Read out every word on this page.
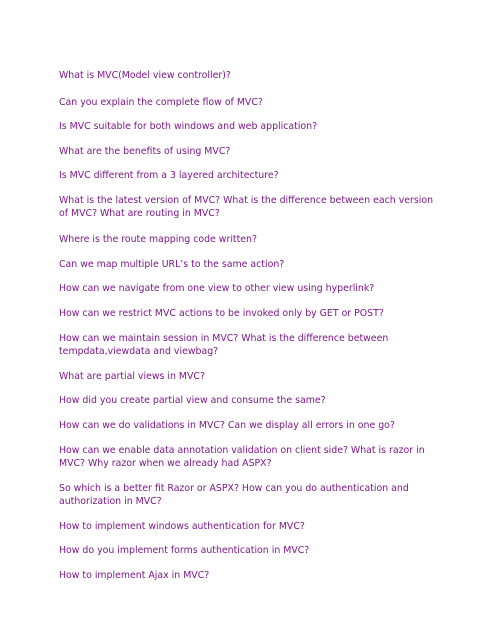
What is MVC(Model view controller)?

Can you explain the complete flow of MVC?

Is MVC suitable for both windows and web application?

What are the benefits of using MVC?

Is MVC different from a 3 layered architecture?

What is the latest version of MVC? What is the difference between each version
of MVC? What are routing in MVC?

Where is the route mapping code written?

Can we map multiple URL’s to the same action?

How can we navigate from one view to other view using hyperlink?

How can we restrict MVC actions to be invoked only by GET or POST?

How can we maintain session in MVC? What is the difference between
tempdata,viewdata and viewbag?

What are partial views in MVC?

How did you create partial view and consume the same?

How can we do validations in MVC? Can we display all errors in one go?

How can we enable data annotation validation on client side? What is razor in
MVC? Why razor when we already had ASPX?

So which is a better fit Razor or ASPX? How can you do authentication and
authorization in MVC?

How to implement windows authentication for MVC?

How do you implement forms authentication in MVC?

How to implement Ajax in MVC?
